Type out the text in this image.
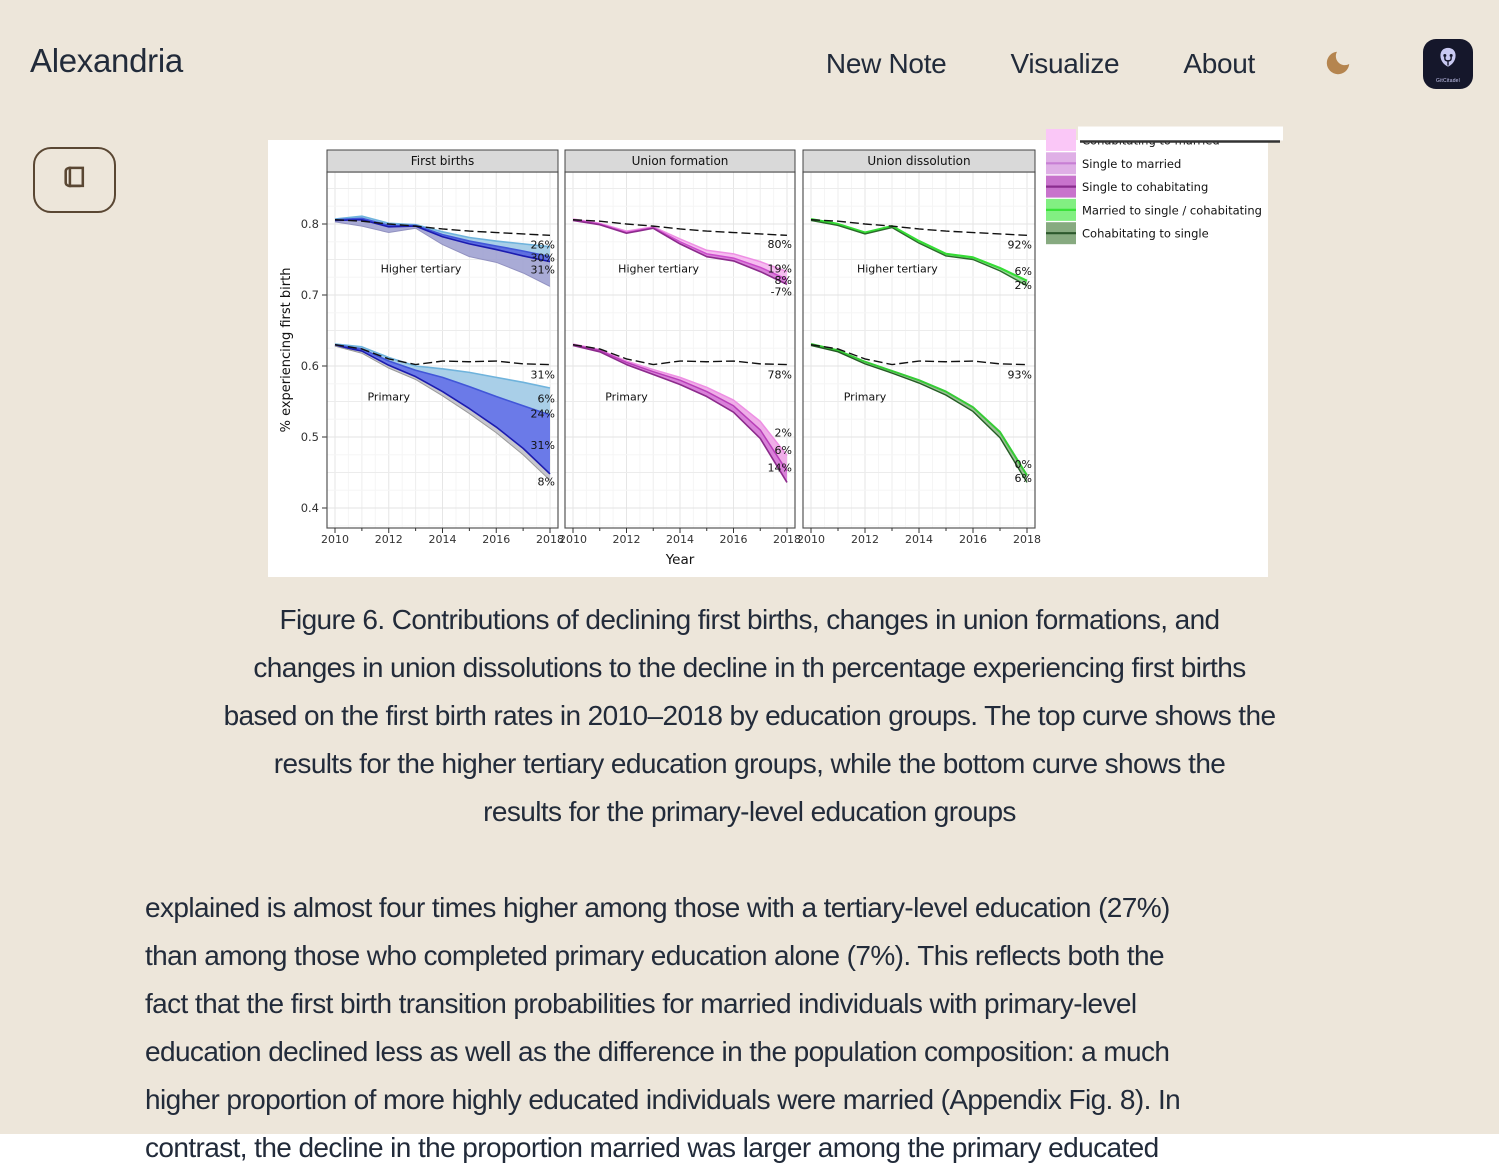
Alexandria	New Note Visualize About
GitCitadel
% experiencing first birth
0.4
0.5
0.6
0.7
0.8
Higher tertiary
26%
30%
31%
Primary
31%
6%
24%
31%
8%
First births
2010 2012 2014 2016 2018
Higher tertiary
80%
19%
8%
-7%
Primary
78%
2%
6%
14%
Union formation
2010 2012 2014 2016 2018
Higher tertiary
92%
6%
2%
Primary
93%
0%
6%
Union dissolution
2010 2012 2014 2016 2018
Year
Single to married
Single to cohabitating
Married to single / cohabitating
Cohabitating to single
Figure 6. Contributions of declining first births, changes in union formations, and
changes in union dissolutions to the decline in th percentage experiencing first births
based on the first birth rates in 2010–2018 by education groups. The top curve shows the
results for the higher tertiary education groups, while the bottom curve shows the
results for the primary-level education groups
explained is almost four times higher among those with a tertiary-level education (27%)
than among those who completed primary education alone (7%). This reflects both the
fact that the first birth transition probabilities for married individuals with primary-level
education declined less as well as the difference in the population composition: a much
higher proportion of more highly educated individuals were married (Appendix Fig. 8). In
contrast, the decline in the proportion married was larger among the primary educated
